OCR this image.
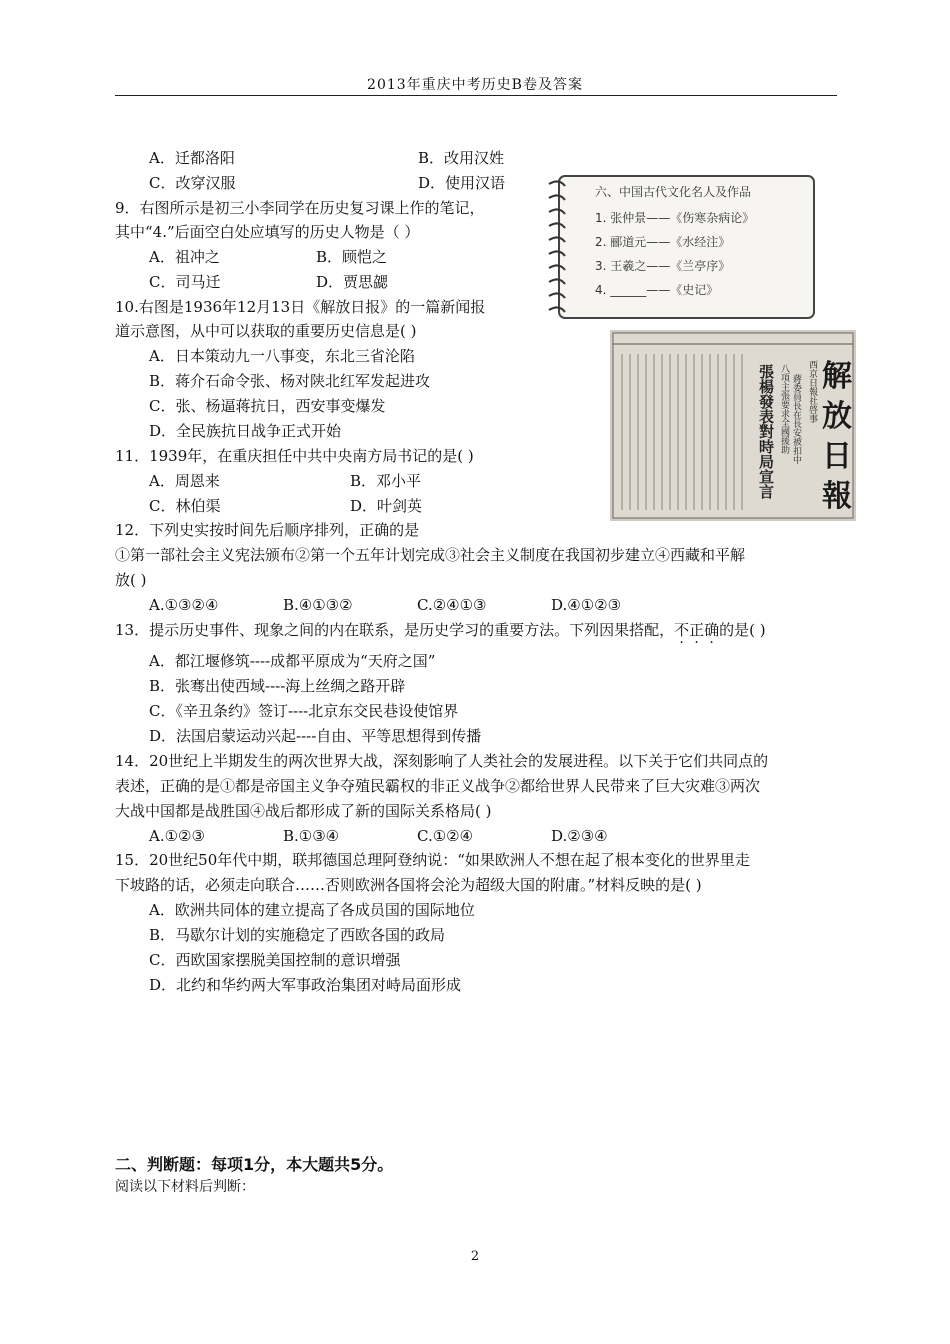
2013年重庆中考历史B卷及答案
A．迁都洛阳	B．改用汉姓
C．改穿汉服	D．使用汉语
9．右图所示是初三小李同学在历史复习课上作的笔记，
其中“4.”后面空白处应填写的历史人物是（ ）
A．祖冲之	B．顾恺之
C．司马迁	D．贾思勰
六、中国古代文化名人及作品
1. 张仲景——《伤寒杂病论》
2. 郦道元——《水经注》
3. 王羲之——《兰亭序》
4. ______——《史记》
10.右图是1936年12月13日《解放日报》的一篇新闻报
道示意图，从中可以获取的重要历史信息是( )
A．日本策动九一八事变，东北三省沦陷
B．蒋介石命令张、杨对陕北红军发起进攻
C．张、杨逼蒋抗日，西安事变爆发
D．全民族抗日战争正式开始	張楊發表對時局宣言 八項主張要求全國援助 蔣委員長在長安被扣中 西京日報社啓事 解
放
日
報
11．1939年，在重庆担任中共中央南方局书记的是( )
A．周恩来	B．邓小平
C．林伯渠	D．叶剑英
12．下列史实按时间先后顺序排列，正确的是
①第一部社会主义宪法颁布②第一个五年计划完成③社会主义制度在我国初步建立④西藏和平解
放( )
A.①③②④	B.④①③②	C.②④①③	D.④①②③
13．提示历史事件、现象之间的内在联系，是历史学习的重要方法。下列因果搭配，不正确的是( )
A．都江堰修筑----成都平原成为“天府之国”
B．张骞出使西域----海上丝绸之路开辟
C．《辛丑条约》签订----北京东交民巷设使馆界
D．法国启蒙运动兴起----自由、平等思想得到传播
14．20世纪上半期发生的两次世界大战，深刻影响了人类社会的发展进程。以下关于它们共同点的
表述，正确的是①都是帝国主义争夺殖民霸权的非正义战争②都给世界人民带来了巨大灾难③两次
大战中国都是战胜国④战后都形成了新的国际关系格局( )
A.①②③	B.①③④	C.①②④	D.②③④
15．20世纪50年代中期，联邦德国总理阿登纳说：“如果欧洲人不想在起了根本变化的世界里走
下坡路的话，必须走向联合……否则欧洲各国将会沦为超级大国的附庸。”材料反映的是( )
A．欧洲共同体的建立提高了各成员国的国际地位
B．马歇尔计划的实施稳定了西欧各国的政局
C．西欧国家摆脱美国控制的意识增强
D．北约和华约两大军事政治集团对峙局面形成
二、判断题：每项1分，本大题共5分。
阅读以下材料后判断：
2
